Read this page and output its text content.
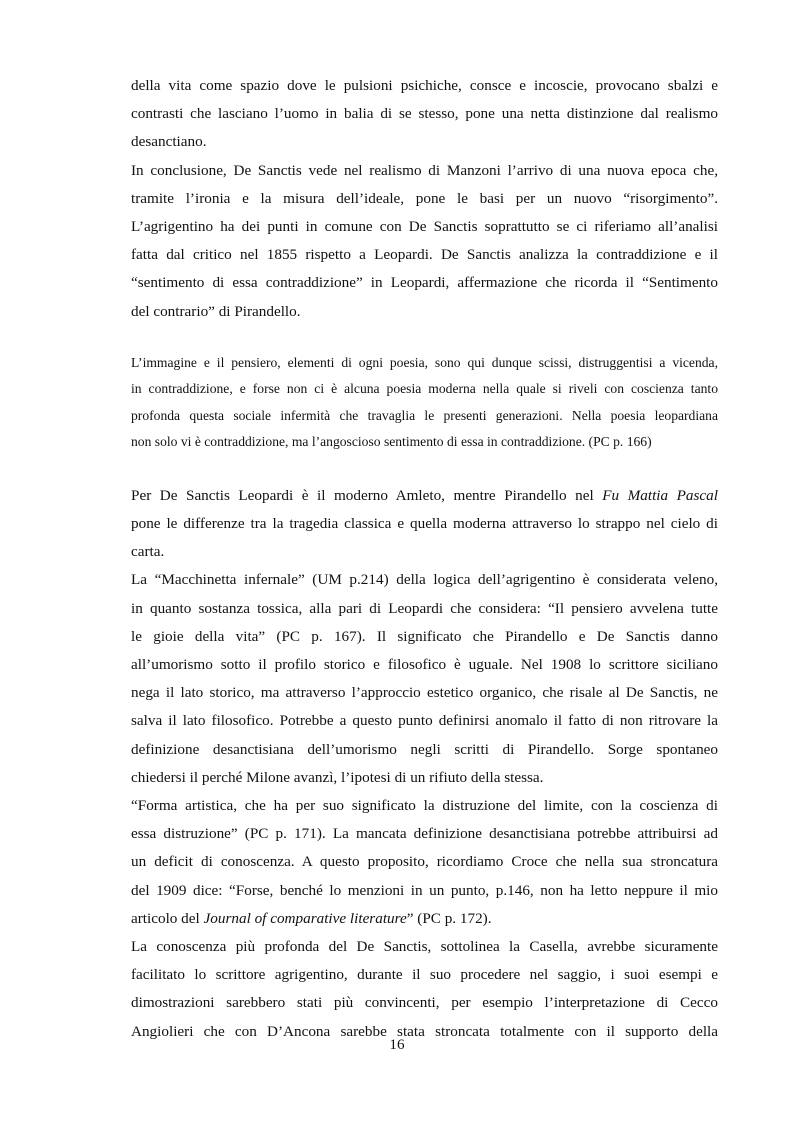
della vita come spazio dove le pulsioni psichiche, consce e incoscie, provocano sbalzi e
contrasti che lasciano l’uomo in balia di se stesso, pone una netta distinzione dal realismo
desanctiano.

In conclusione, De Sanctis vede nel realismo di Manzoni l’arrivo di una nuova epoca che,
tramite l’ironia e la misura dell’ideale, pone le basi per un nuovo “risorgimento”.
L’agrigentino ha dei punti in comune con De Sanctis soprattutto se ci riferiamo all’analisi
fatta dal critico nel 1855 rispetto a Leopardi. De Sanctis analizza la contraddizione e il
“sentimento di essa contraddizione” in Leopardi, affermazione che ricorda il “Sentimento
del contrario” di Pirandello.

L’immagine e il pensiero, elementi di ogni poesia, sono qui dunque scissi, distruggentisi a vicenda,
in contraddizione, e forse non ci è alcuna poesia moderna nella quale si riveli con coscienza tanto
profonda questa sociale infermità che travaglia le presenti generazioni. Nella poesia leopardiana
non solo vi è contraddizione, ma l’angoscioso sentimento di essa in contraddizione. (PC p. 166)

Per De Sanctis Leopardi è il moderno Amleto, mentre Pirandello nel Fu Mattia Pascal
pone le differenze tra la tragedia classica e quella moderna attraverso lo strappo nel cielo di
carta.

La “Macchinetta infernale” (UM p.214) della logica dell’agrigentino è considerata veleno,
in quanto sostanza tossica, alla pari di Leopardi che considera: “Il pensiero avvelena tutte
le gioie della vita” (PC p. 167). Il significato che Pirandello e De Sanctis danno
all’umorismo sotto il profilo storico e filosofico è uguale. Nel 1908 lo scrittore siciliano
nega il lato storico, ma attraverso l’approccio estetico organico, che risale al De Sanctis, ne
salva il lato filosofico. Potrebbe a questo punto definirsi anomalo il fatto di non ritrovare la
definizione desanctisiana dell’umorismo negli scritti di Pirandello. Sorge spontaneo
chiedersi il perché Milone avanzì, l’ipotesi di un rifiuto della stessa.

“Forma artistica, che ha per suo significato la distruzione del limite, con la coscienza di
essa distruzione” (PC p. 171). La mancata definizione desanctisiana potrebbe attribuirsi ad
un deficit di conoscenza. A questo proposito, ricordiamo Croce che nella sua stroncatura
del 1909 dice: “Forse, benché lo menzioni in un punto, p.146, non ha letto neppure il mio
articolo del Journal of comparative literature” (PC p. 172).

La conoscenza più profonda del De Sanctis, sottolinea la Casella, avrebbe sicuramente
facilitato lo scrittore agrigentino, durante il suo procedere nel saggio, i suoi esempi e
dimostrazioni sarebbero stati più convincenti, per esempio l’interpretazione di Cecco
Angiolieri che con D’Ancona sarebbe stata stroncata totalmente con il supporto della

16
